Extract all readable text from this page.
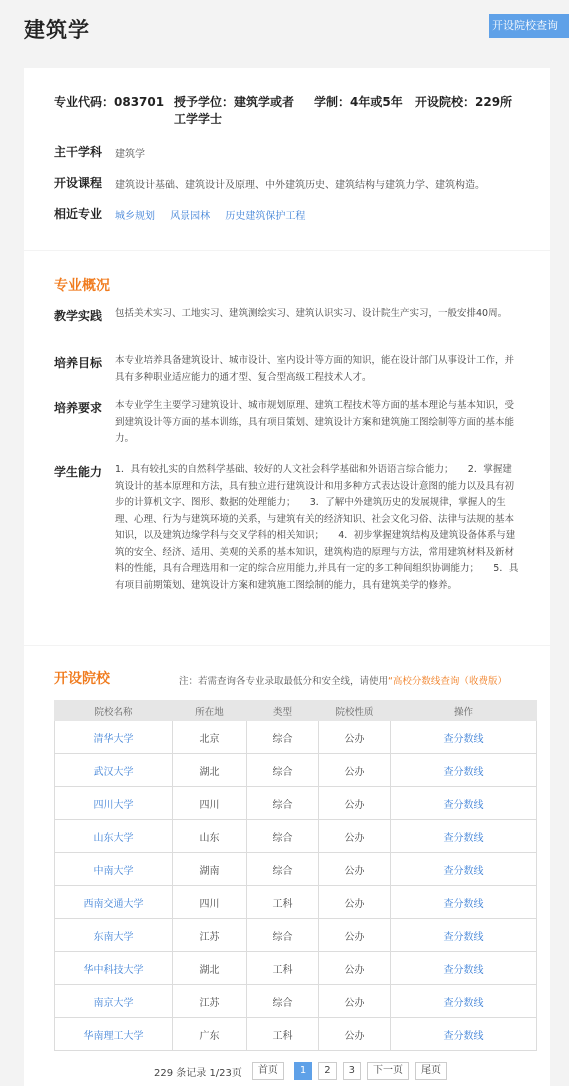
建筑学	开设院校查询
专业代码：083701 授予学位：建筑学或者工学学士
学制：4年或5年 开设院校：229所
主干学科 建筑学
开设课程 建筑设计基础、建筑设计及原理、中外建筑历史、建筑结构与建筑力学、建筑构造。
相近专业 城乡规划 风景园林 历史建筑保护工程
专业概况
教学实践 包括美术实习、工地实习、建筑测绘实习、建筑认识实习、设计院生产实习，一般安排40周。
培养目标 本专业培养具备建筑设计、城市设计、室内设计等方面的知识，能在设计部门从事设计工作，并具有多种职业适应能力的通才型、复合型高级工程技术人才。
培养要求 本专业学生主要学习建筑设计、城市规划原理、建筑工程技术等方面的基本理论与基本知识，受到建筑设计等方面的基本训练，具有项目策划、建筑设计方案和建筑施工图绘制等方面的基本能力。
学生能力 1．具有较扎实的自然科学基础、较好的人文社会科学基础和外语语言综合能力；　　2．掌握建筑设计的基本原理和方法，具有独立进行建筑设计和用多种方式表达设计意图的能力以及具有初步的计算机文字、图形、数据的处理能力；　　3．了解中外建筑历史的发展规律，掌握人的生理、心理、行为与建筑环境的关系，与建筑有关的经济知识、社会文化习俗、法律与法规的基本知识，以及建筑边缘学科与交叉学科的相关知识；　　4．初步掌握建筑结构及建筑设备体系与建筑的安全、经济、适用、美观的关系的基本知识，建筑构造的原理与方法，常用建筑材料及新材料的性能，具有合理选用和一定的综合应用能力,并具有一定的多工种间组织协调能力；　　5．具有项目前期策划、建筑设计方案和建筑施工图绘制的能力，具有建筑美学的修养。
开设院校	注：若需查询各专业录取最低分和安全线，请使用“高校分数线查询（收费版）
院校名称	所在地	类型	院校性质	操作
清华大学	北京	综合	公办	查分数线
武汉大学	湖北	综合	公办	查分数线
四川大学	四川	综合	公办	查分数线
山东大学	山东	综合	公办	查分数线
中南大学	湖南	综合	公办	查分数线
西南交通大学	四川	工科	公办	查分数线
东南大学	江苏	综合	公办	查分数线
华中科技大学	湖北	工科	公办	查分数线
南京大学	江苏	综合	公办	查分数线
华南理工大学	广东	工科	公办	查分数线
229 条记录 1/23页	首页	1	2	3	下一页	尾页
